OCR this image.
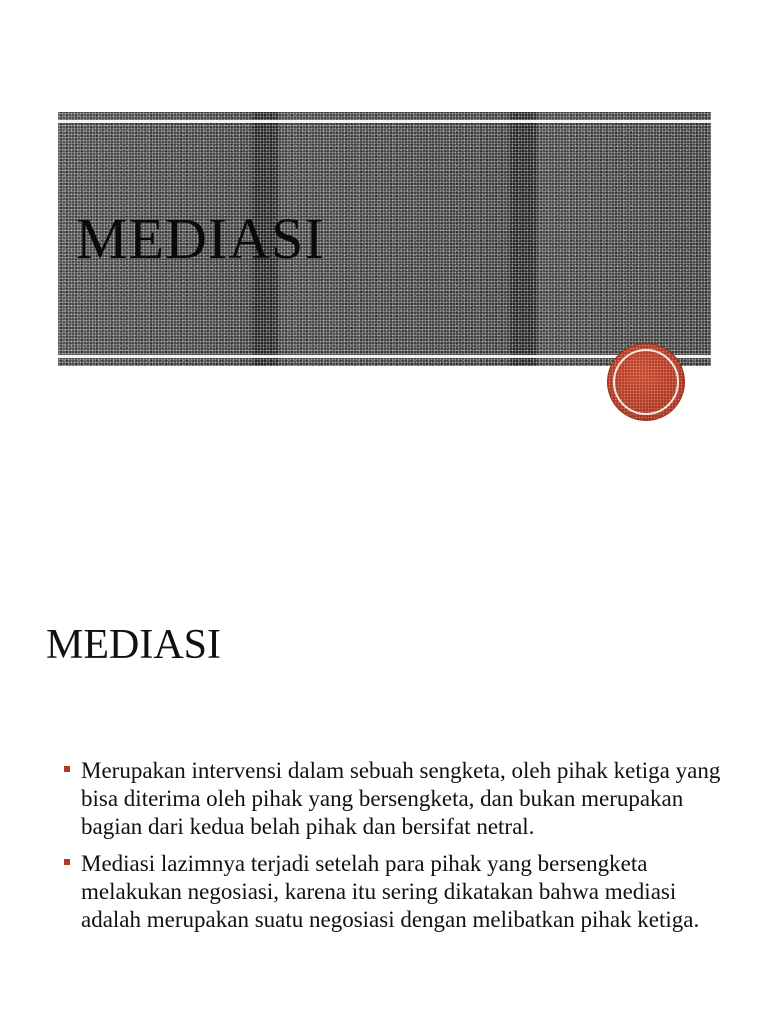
MEDIASI
MEDIASI
Merupakan intervensi dalam sebuah sengketa, oleh pihak ketiga yang bisa diterima oleh pihak yang bersengketa, dan bukan merupakan bagian dari kedua belah pihak dan bersifat netral.
Mediasi lazimnya terjadi setelah para pihak yang bersengketa melakukan negosiasi, karena itu sering dikatakan bahwa mediasi adalah merupakan suatu negosiasi dengan melibatkan pihak ketiga.
